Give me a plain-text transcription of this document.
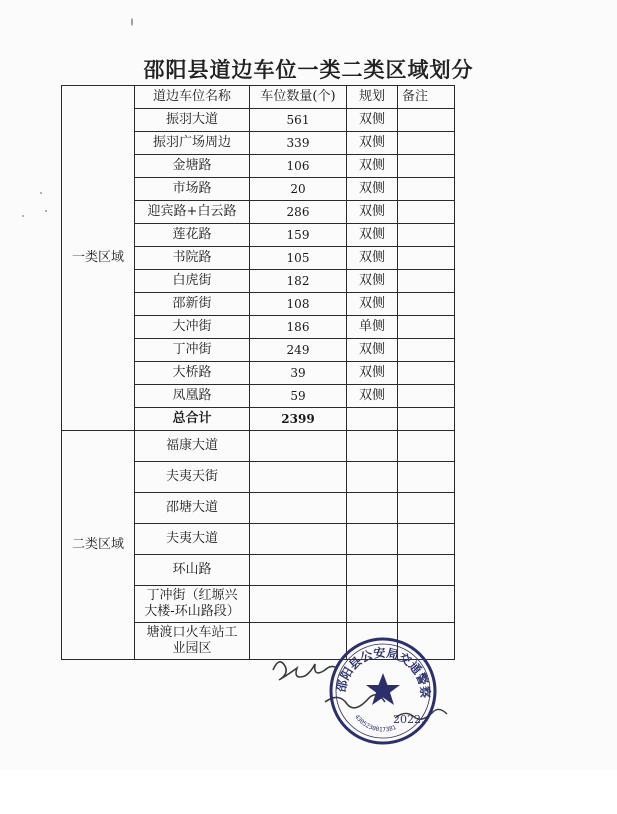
邵阳县道边车位一类二类区域划分
一类区域	道边车位名称	车位数量(个)	规划	备注
	振羽大道	561	双侧	
	振羽广场周边	339	双侧	
	金塘路	106	双侧	
	市场路	20	双侧	
	迎宾路+白云路	286	双侧	
	莲花路	159	双侧	
	书院路	105	双侧	
	白虎街	182	双侧	
	邵新街	108	双侧	
	大冲街	186	单侧	
	丁冲街	249	双侧	
	大桥路	39	双侧	
	凤凰路	59	双侧	
	总合计	2399		
二类区域	福康大道			

	夫夷天街			

	邵塘大道			

	夫夷大道			

	环山路			

	丁冲街（红塬兴
大楼-环山路段）			

	塘渡口火车站工
业园区			

邵阳县公安局交通警察
4305230017381
2022.
